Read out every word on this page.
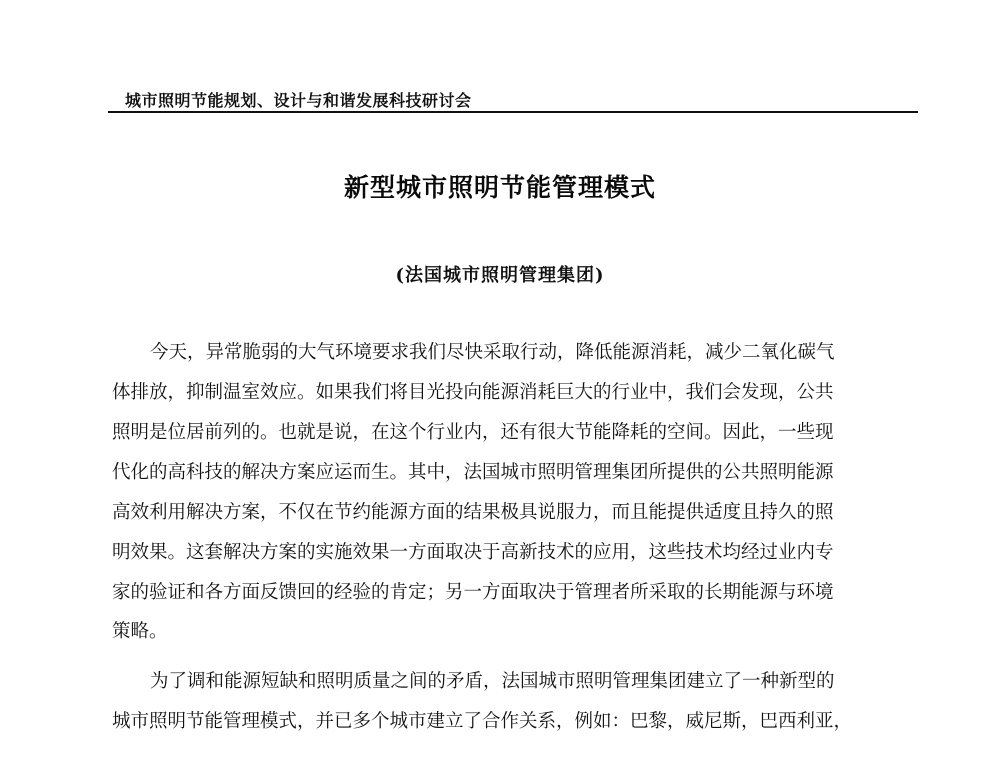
城市照明节能规划、设计与和谐发展科技研讨会
新型城市照明节能管理模式
(法国城市照明管理集团)
今天，异常脆弱的大气环境要求我们尽快采取行动，降低能源消耗，减少二氧化碳气
体排放，抑制温室效应。如果我们将目光投向能源消耗巨大的行业中，我们会发现，公共
照明是位居前列的。也就是说，在这个行业内，还有很大节能降耗的空间。因此，一些现
代化的高科技的解决方案应运而生。其中，法国城市照明管理集团所提供的公共照明能源
高效利用解决方案，不仅在节约能源方面的结果极具说服力，而且能提供适度且持久的照
明效果。这套解决方案的实施效果一方面取决于高新技术的应用，这些技术均经过业内专
家的验证和各方面反馈回的经验的肯定；另一方面取决于管理者所采取的长期能源与环境
策略。
为了调和能源短缺和照明质量之间的矛盾，法国城市照明管理集团建立了一种新型的
城市照明节能管理模式，并已多个城市建立了合作关系，例如：巴黎，威尼斯，巴西利亚，
